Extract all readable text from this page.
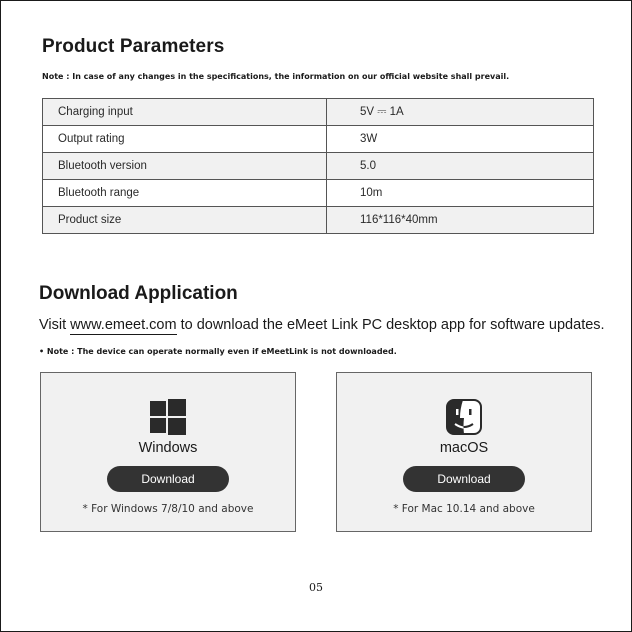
Product Parameters
Note : In case of any changes in the specifications, the information on our official website shall prevail.
Charging input	5V ⎓ 1A
Output rating	3W
Bluetooth version	5.0
Bluetooth range	10m
Product size	116*116*40mm
Download Application
Visit www.emeet.com to download the eMeet Link PC desktop app for software updates.
• Note : The device can operate normally even if eMeetLink is not downloaded.
Windows
Download
* For Windows 7/8/10 and above
macOS
Download
* For Mac 10.14 and above
05
